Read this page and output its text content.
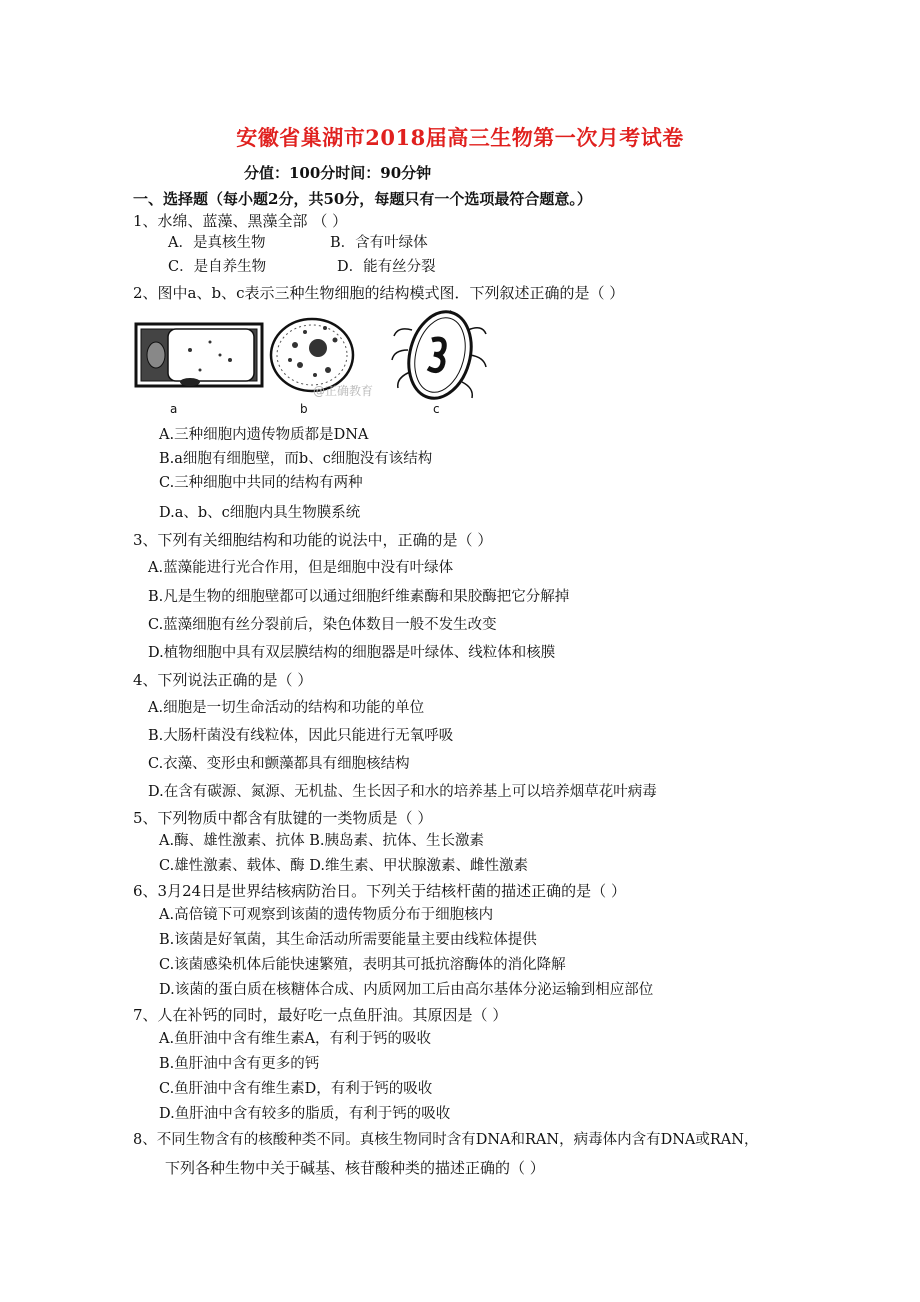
安徽省巢湖市2018届高三生物第一次月考试卷
分值：100分时间：90分钟
一、选择题（每小题2分，共50分，每题只有一个选项最符合题意。）
1、水绵、蓝藻、黑藻全部 （ ）
A．是真核生物	B．含有叶绿体
C．是自养生物	D．能有丝分裂
2、图中a、b、c表示三种生物细胞的结构模式图．下列叙述正确的是（ ）
a	b	c
@正确教育
A.三种细胞内遗传物质都是DNA
B.a细胞有细胞壁，而b、c细胞没有该结构
C.三种细胞中共同的结构有两种
D.a、b、c细胞内具生物膜系统
3、下列有关细胞结构和功能的说法中，正确的是（ ）
A.蓝藻能进行光合作用，但是细胞中没有叶绿体
B.凡是生物的细胞壁都可以通过细胞纤维素酶和果胶酶把它分解掉
C.蓝藻细胞有丝分裂前后，染色体数目一般不发生改变
D.植物细胞中具有双层膜结构的细胞器是叶绿体、线粒体和核膜
4、下列说法正确的是（ ）
A.细胞是一切生命活动的结构和功能的单位
B.大肠杆菌没有线粒体，因此只能进行无氧呼吸
C.衣藻、变形虫和颤藻都具有细胞核结构
D.在含有碳源、氮源、无机盐、生长因子和水的培养基上可以培养烟草花叶病毒
5、下列物质中都含有肽键的一类物质是（ ）
A.酶、雄性激素、抗体 B.胰岛素、抗体、生长激素
C.雄性激素、载体、酶 D.维生素、甲状腺激素、雌性激素
6、3月24日是世界结核病防治日。下列关于结核杆菌的描述正确的是（ ）
A.高倍镜下可观察到该菌的遗传物质分布于细胞核内
B.该菌是好氧菌，其生命活动所需要能量主要由线粒体提供
C.该菌感染机体后能快速繁殖，表明其可抵抗溶酶体的消化降解
D.该菌的蛋白质在核糖体合成、内质网加工后由高尔基体分泌运输到相应部位
7、人在补钙的同时，最好吃一点鱼肝油。其原因是（ ）
A.鱼肝油中含有维生素A，有利于钙的吸收
B.鱼肝油中含有更多的钙
C.鱼肝油中含有维生素D，有利于钙的吸收
D.鱼肝油中含有较多的脂质，有利于钙的吸收
8、不同生物含有的核酸种类不同。真核生物同时含有DNA和RAN，病毒体内含有DNA或RAN，
下列各种生物中关于碱基、核苷酸种类的描述正确的（ ）
